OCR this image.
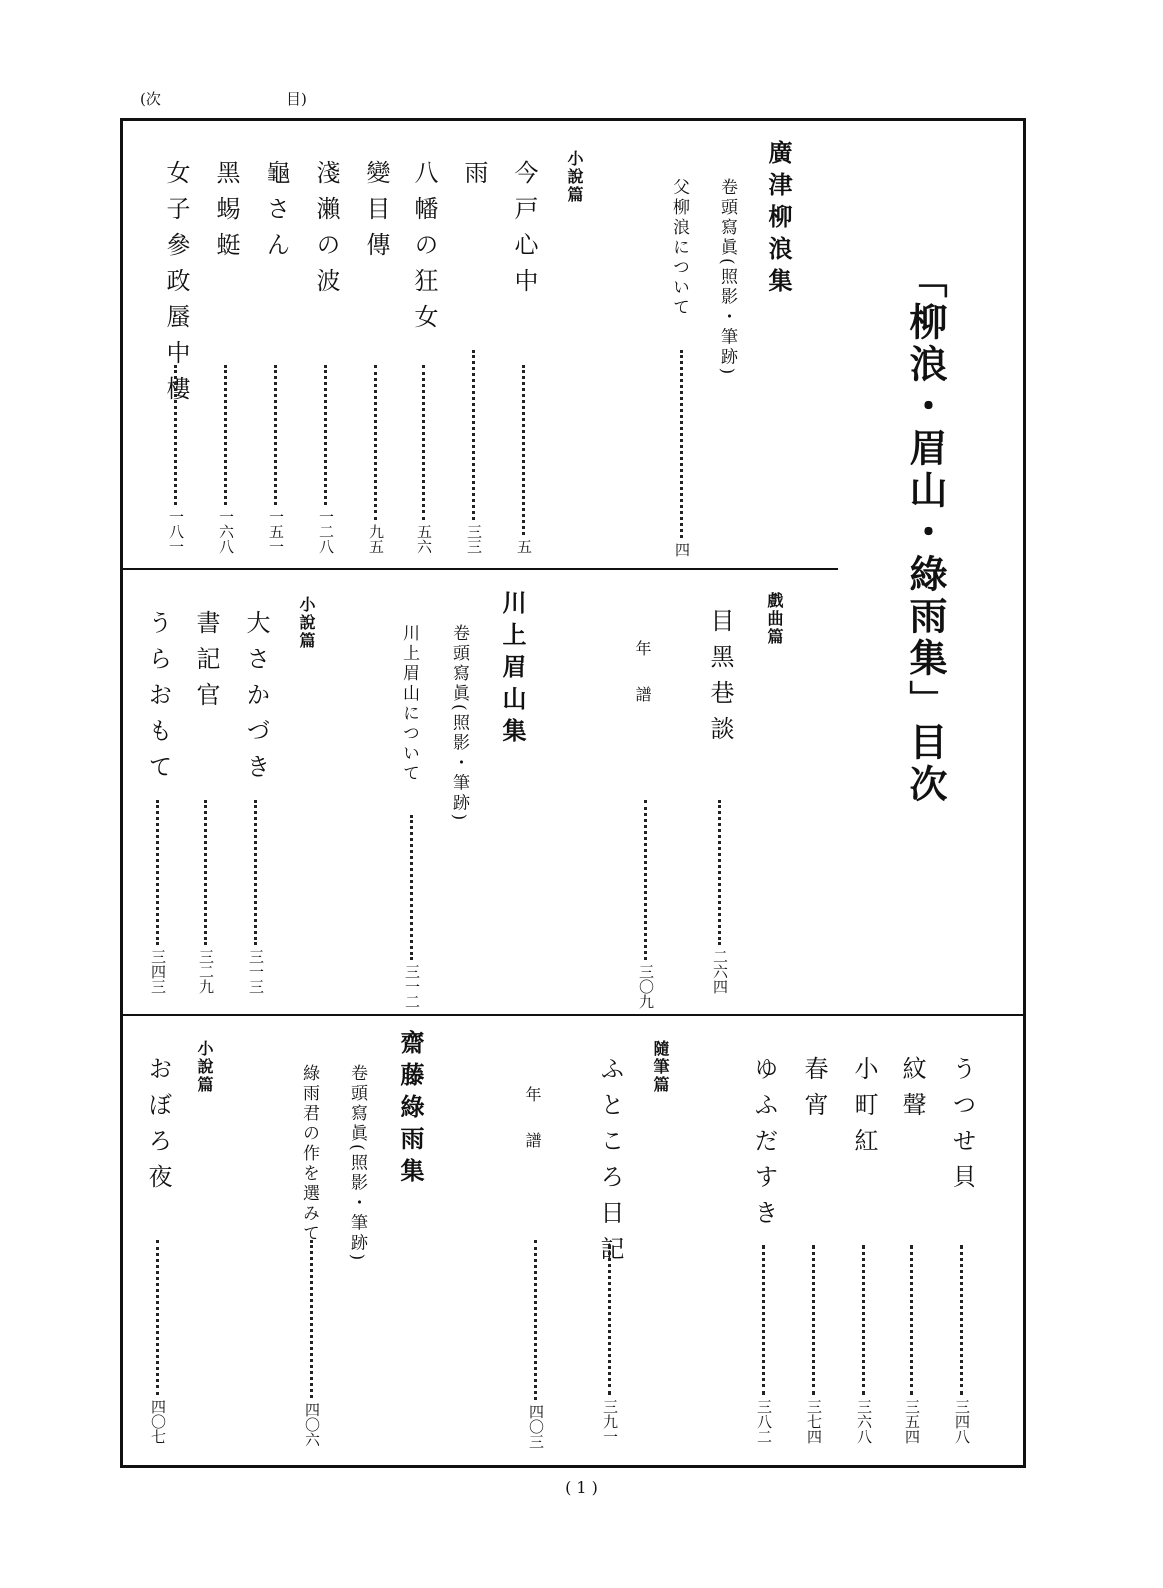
(次	目)
廣津柳浪集
卷頭寫眞(照影・筆跡)
父柳浪について
四
小說篇
今戸心中
五
雨
三三
八幡の狂女
五六
變目傳
九五
淺瀨の波
一二八
龜さん
一五一
黑蜴蜓
一六八
女子參政蜃中樓
一八一
戲曲篇
目黑巷談
二六四
年譜
三〇九
川上眉山集
卷頭寫眞(照影・筆跡)
川上眉山について
三一二
小說篇
大さかづき
三一三
書記官
三二九
うらおもて
三四三
うつせ貝
三四八
紋聲
三五四
小町紅
三六八
春宵
三七四
ゆふだすき
三八二
隨筆篇
ふところ日記
三九一
年譜
四〇三
齋藤綠雨集
卷頭寫眞(照影・筆跡)
綠雨君の作を選みて
四〇六
小說篇
おぼろ夜
四〇七
「柳浪・眉山・綠雨集」目次
( 1 )
